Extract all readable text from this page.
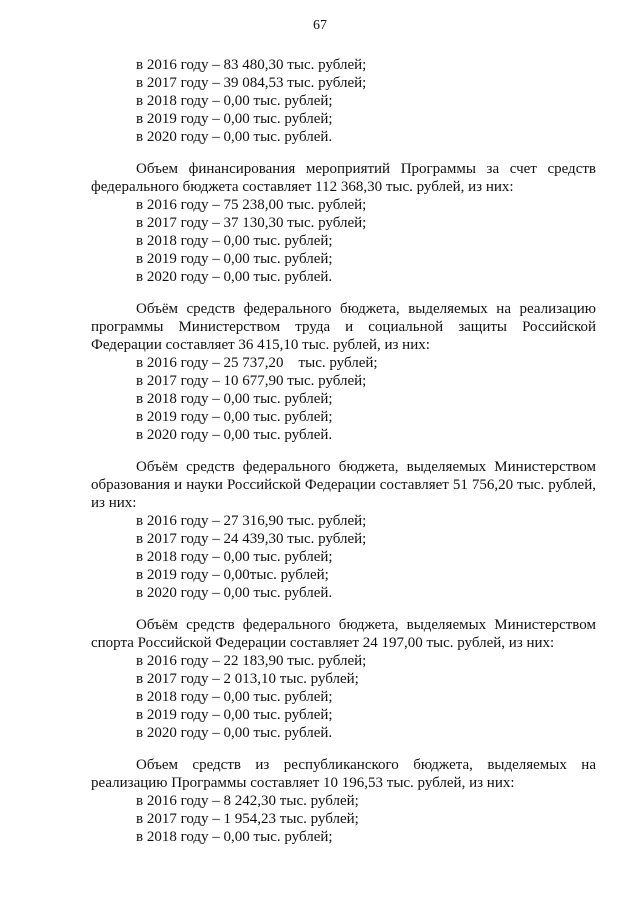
67
в 2016 году – 83 480,30 тыс. рублей;
в 2017 году – 39 084,53 тыс. рублей;
в 2018 году – 0,00 тыс. рублей;
в 2019 году – 0,00 тыс. рублей;
в 2020 году – 0,00 тыс. рублей.
Объем финансирования мероприятий Программы за счет средств федерального бюджета составляет 112 368,30 тыс. рублей, из них:
в 2016 году – 75 238,00 тыс. рублей;
в 2017 году – 37 130,30 тыс. рублей;
в 2018 году – 0,00 тыс. рублей;
в 2019 году – 0,00 тыс. рублей;
в 2020 году – 0,00 тыс. рублей.
Объём средств федерального бюджета, выделяемых на реализацию программы Министерством труда и социальной защиты Российской Федерации составляет 36 415,10 тыс. рублей, из них:
в 2016 году – 25 737,20    тыс. рублей;
в 2017 году – 10 677,90 тыс. рублей;
в 2018 году – 0,00 тыс. рублей;
в 2019 году – 0,00 тыс. рублей;
в 2020 году – 0,00 тыс. рублей.
Объём средств федерального бюджета, выделяемых Министерством образования и науки Российской Федерации составляет 51 756,20 тыс. рублей, из них:
в 2016 году – 27 316,90 тыс. рублей;
в 2017 году – 24 439,30 тыс. рублей;
в 2018 году – 0,00 тыс. рублей;
в 2019 году – 0,00тыс. рублей;
в 2020 году – 0,00 тыс. рублей.
Объём средств федерального бюджета, выделяемых Министерством спорта Российской Федерации составляет 24 197,00 тыс. рублей, из них:
в 2016 году – 22 183,90 тыс. рублей;
в 2017 году – 2 013,10 тыс. рублей;
в 2018 году – 0,00 тыс. рублей;
в 2019 году – 0,00 тыс. рублей;
в 2020 году – 0,00 тыс. рублей.
Объем средств из республиканского бюджета, выделяемых на реализацию Программы составляет 10 196,53 тыс. рублей, из них:
в 2016 году – 8 242,30 тыс. рублей;
в 2017 году – 1 954,23 тыс. рублей;
в 2018 году – 0,00 тыс. рублей;
